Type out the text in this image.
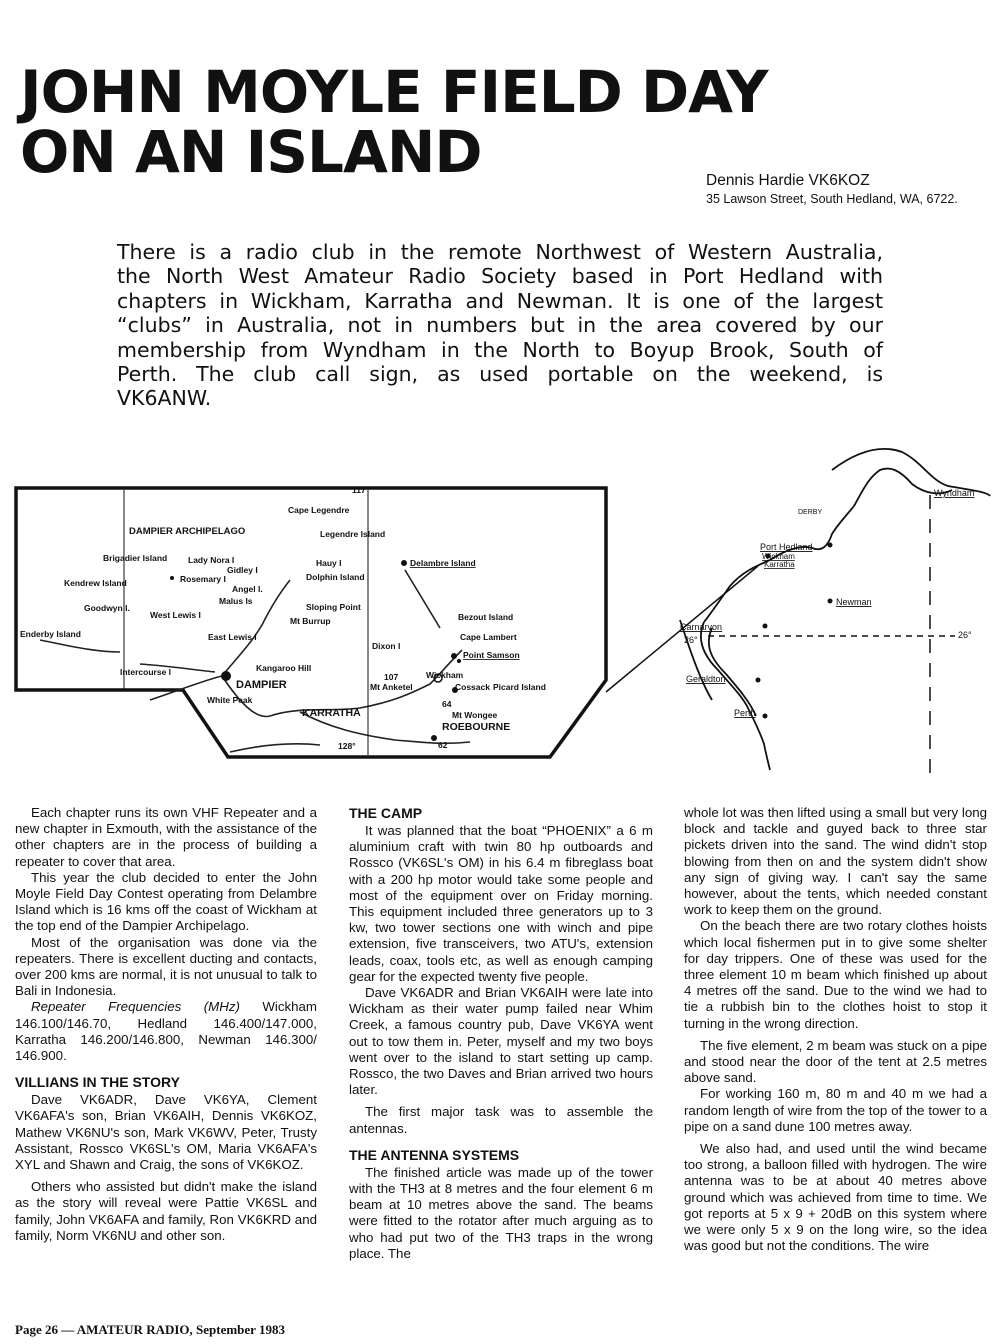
JOHN MOYLE FIELD DAY
ON AN ISLAND	Dennis Hardie VK6KOZ
35 Lawson Street, South Hedland, WA, 6722.
There is a radio club in the remote Northwest of Western Australia,
the North West Amateur Radio Society based in Port Hedland with
chapters in Wickham, Karratha and Newman. It is one of the largest
“clubs” in Australia, not in numbers but in the area covered by our
membership from Wyndham in the North to Boyup Brook, South of
Perth. The club call sign, as used portable on the weekend, is
VK6ANW.
Cape Legendre
DAMPIER ARCHIPELAGO	Legendre Island
Brigadier Island Lady Nora I
Gidley I
Hauy I	Delambre Island
Kendrew Island	Rosemary I	Dolphin Island
Angel I.
Malus Is
Goodwyn I.
West Lewis I
Sloping Point
Bezout Island
Mt Burrup
Enderby Island	East Lewis I	Cape Lambert
Dixon I
Point Samson
Intercourse I	Kangaroo Hill
Wickham
DAMPIER	Mt Anketel	Cossack Picard Island
White Peak
KARRATHA	Mt Wongee
ROEBOURNE
117
107
64
62
128°
Wyndham
DERBY
Port Hedland
Wickham
Karratha
Newman
Carnarvon
26°	26°
Geraldton
Perth

Each chapter runs its own VHF Repeater and a new chapter in Exmouth, with the assistance of the other chapters are in the process of building a repeater to cover that area.

This year the club decided to enter the John Moyle Field Day Contest operating from Delambre Island which is 16 kms off the coast of Wickham at the top end of the Dampier Archipelago.

Most of the organisation was done via the repeaters. There is excellent ducting and contacts, over 200 kms are normal, it is not unusual to talk to Bali in Indonesia.

Repeater Frequencies (MHz) Wickham 146.100/146.70, Hedland 146.400/147.000, Karratha 146.200/146.800, Newman 146.300/ 146.900.

VILLIANS IN THE STORY

Dave VK6ADR, Dave VK6YA, Clement VK6AFA's son, Brian VK6AIH, Dennis VK6KOZ, Mathew VK6NU's son, Mark VK6WV, Peter, Trusty Assistant, Rossco VK6SL's OM, Maria VK6AFA's XYL and Shawn and Craig, the sons of VK6KOZ.

Others who assisted but didn't make the island as the story will reveal were Pattie VK6SL and family, John VK6AFA and family, Ron VK6KRD and family, Norm VK6NU and other son.

THE CAMP

It was planned that the boat “PHOENIX” a 6 m aluminium craft with twin 80 hp outboards and Rossco (VK6SL's OM) in his 6.4 m fibreglass boat with a 200 hp motor would take some people and most of the equipment over on Friday morning. This equipment included three generators up to 3 kw, two tower sections one with winch and pipe extension, five transceivers, two ATU's, extension leads, coax, tools etc, as well as enough camping gear for the expected twenty five people.

Dave VK6ADR and Brian VK6AIH were late into Wickham as their water pump failed near Whim Creek, a famous country pub, Dave VK6YA went out to tow them in. Peter, myself and my two boys went over to the island to start setting up camp. Rossco, the two Daves and Brian arrived two hours later.

The first major task was to assemble the antennas.

THE ANTENNA SYSTEMS

The finished article was made up of the tower with the TH3 at 8 metres and the four element 6 m beam at 10 metres above the sand. The beams were fitted to the rotator after much arguing as to who had put two of the TH3 traps in the wrong place. The

whole lot was then lifted using a small but very long block and tackle and guyed back to three star pickets driven into the sand. The wind didn't stop blowing from then on and the system didn't show any sign of giving way. I can't say the same however, about the tents, which needed constant work to keep them on the ground.

On the beach there are two rotary clothes hoists which local fishermen put in to give some shelter for day trippers. One of these was used for the three element 10 m beam which finished up about 4 metres off the sand. Due to the wind we had to tie a rubbish bin to the clothes hoist to stop it turning in the wrong direction.

The five element, 2 m beam was stuck on a pipe and stood near the door of the tent at 2.5 metres above sand.

For working 160 m, 80 m and 40 m we had a random length of wire from the top of the tower to a pipe on a sand dune 100 metres away.

We also had, and used until the wind became too strong, a balloon filled with hydrogen. The wire antenna was to be at about 40 metres above ground which was achieved from time to time. We got reports at 5 x 9 + 20dB on this system where we were only 5 x 9 on the long wire, so the idea was good but not the conditions. The wire

Page 26 — AMATEUR RADIO, September 1983
